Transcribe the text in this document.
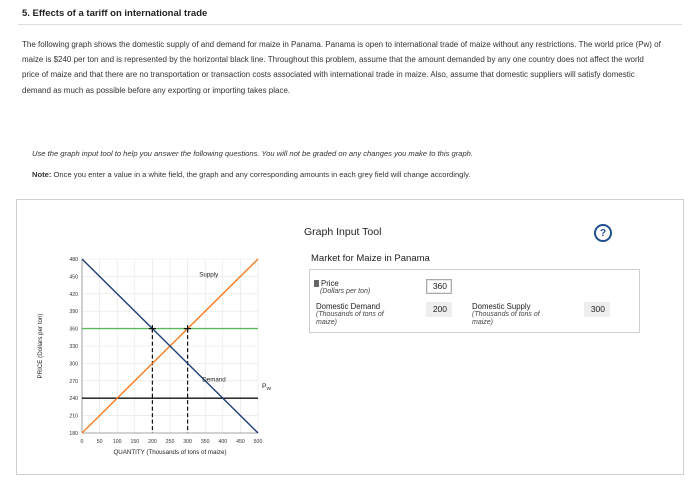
5. Effects of a tariff on international trade
The following graph shows the domestic supply of and demand for maize in Panama. Panama is open to international trade of maize without any restrictions. The world price (Pᴡ) of maize is $240 per ton and is represented by the horizontal black line. Throughout this problem, assume that the amount demanded by any one country does not affect the world price of maize and that there are no transportation or transaction costs associated with international trade in maize. Also, assume that domestic suppliers will satisfy domestic demand as much as possible before any exporting or importing takes place.
Use the graph input tool to help you answer the following questions. You will not be graded on any changes you make to this graph.
Note: Once you enter a value in a white field, the graph and any corresponding amounts in each grey field will change accordingly.
180
210
240
270
300
330
360
390
420
450
480
0	50 100 150 200 250 300 350 400 450 500
QUANTITY (Thousands of tons of maize)
PRICE (Dollars per ton)
$P_W$
Supply
Demand
Graph Input Tool	?
Market for Maize in Panama
Price
(Dollars per ton)
360
Domestic Demand
(Thousands of tons of maize)
200	Domestic Supply
(Thousands of tons of maize)
300
